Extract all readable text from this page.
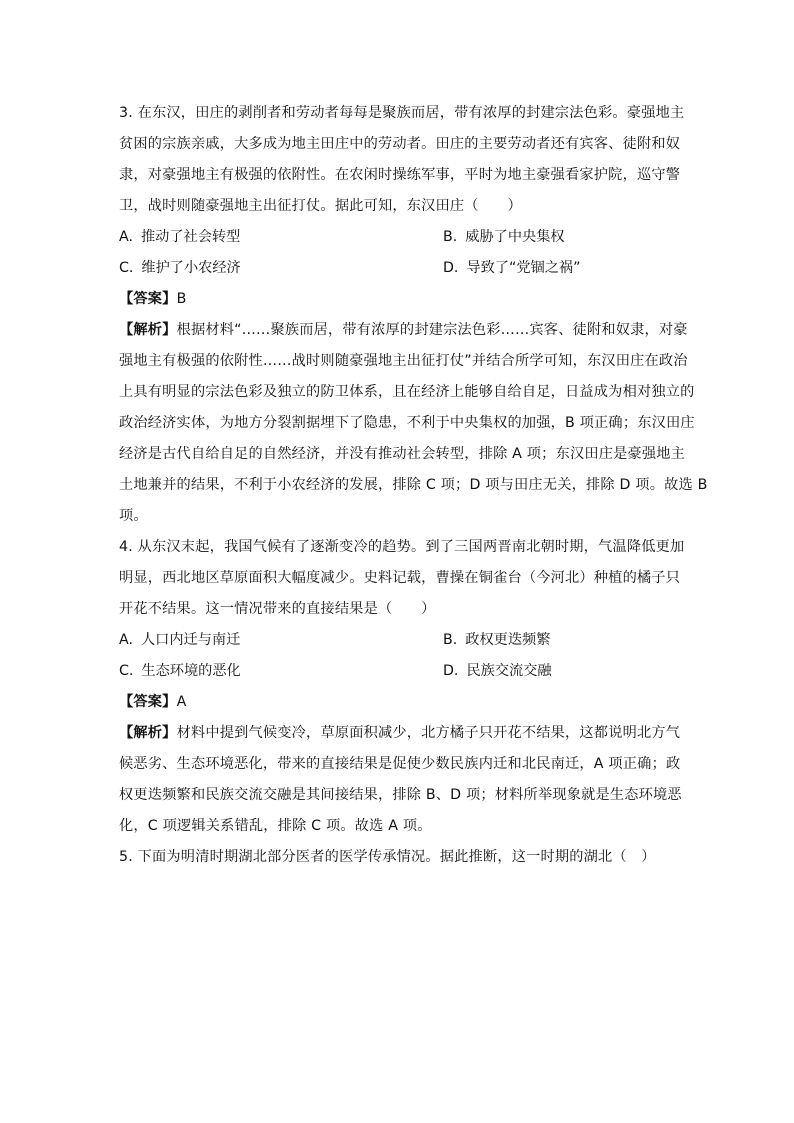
3. 在东汉，田庄的剥削者和劳动者每每是聚族而居，带有浓厚的封建宗法色彩。豪强地主
贫困的宗族亲戚，大多成为地主田庄中的劳动者。田庄的主要劳动者还有宾客、徒附和奴
隶，对豪强地主有极强的依附性。在农闲时操练军事，平时为地主豪强看家护院，巡守警
卫，战时则随豪强地主出征打仗。据此可知，东汉田庄（　　）
A. 推动了社会转型	B. 威胁了中央集权
C. 维护了小农经济	D. 导致了“党锢之祸”
【答案】B
【解析】根据材料“……聚族而居，带有浓厚的封建宗法色彩……宾客、徒附和奴隶，对豪
强地主有极强的依附性……战时则随豪强地主出征打仗”并结合所学可知，东汉田庄在政治
上具有明显的宗法色彩及独立的防卫体系，且在经济上能够自给自足，日益成为相对独立的
政治经济实体，为地方分裂割据埋下了隐患，不利于中央集权的加强，B 项正确；东汉田庄
经济是古代自给自足的自然经济，并没有推动社会转型，排除 A 项；东汉田庄是豪强地主
土地兼并的结果，不利于小农经济的发展，排除 C 项；D 项与田庄无关，排除 D 项。故选 B
项。
4. 从东汉末起，我国气候有了逐渐变冷的趋势。到了三国两晋南北朝时期，气温降低更加
明显，西北地区草原面积大幅度减少。史料记载，曹操在铜雀台（今河北）种植的橘子只
开花不结果。这一情况带来的直接结果是（　　）
A. 人口内迁与南迁	B. 政权更迭频繁
C. 生态环境的恶化	D. 民族交流交融
【答案】A
【解析】材料中提到气候变冷，草原面积减少，北方橘子只开花不结果，这都说明北方气
候恶劣、生态环境恶化，带来的直接结果是促使少数民族内迁和北民南迁，A 项正确；政
权更迭频繁和民族交流交融是其间接结果，排除 B、D 项；材料所举现象就是生态环境恶
化，C 项逻辑关系错乱，排除 C 项。故选 A 项。
5. 下面为明清时期湖北部分医者的医学传承情况。据此推断，这一时期的湖北（　）
